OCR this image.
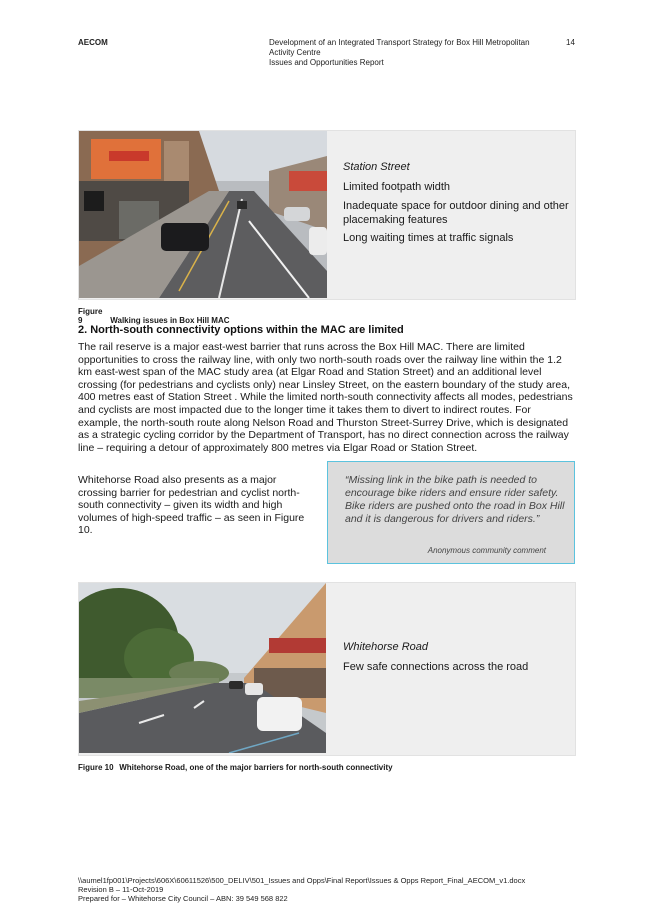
AECOM	Development of an Integrated Transport Strategy for Box Hill Metropolitan
Activity Centre
Issues and Opportunities Report
14
Station Street
Limited footpath width
Inadequate space for outdoor dining and other placemaking features
Long waiting times at traffic signals
Figure 9	Walking issues in Box Hill MAC
2. North-south connectivity options within the MAC are limited
The rail reserve is a major east-west barrier that runs across the Box Hill MAC. There are limited opportunities to cross the railway line, with only two north-south roads over the railway line within the 1.2 km east-west span of the MAC study area (at Elgar Road and Station Street) and an additional level crossing (for pedestrians and cyclists only) near Linsley Street, on the eastern boundary of the study area, 400 metres east of Station Street . While the limited north-south connectivity affects all modes, pedestrians and cyclists are most impacted due to the longer time it takes them to divert to indirect routes. For example, the north-south route along Nelson Road and Thurston Street-Surrey Drive, which is designated as a strategic cycling corridor by the Department of Transport, has no direct connection across the railway line – requiring a detour of approximately 800 metres via Elgar Road or Station Street.
Whitehorse Road also presents as a major crossing barrier for pedestrian and cyclist north-south connectivity – given its width and high volumes of high-speed traffic – as seen in Figure 10.
“Missing link in the bike path is needed to encourage bike riders and ensure rider safety. Bike riders are pushed onto the road in Box Hill and it is dangerous for drivers and riders.”
Anonymous community comment
Whitehorse Road
Few safe connections across the road
Figure 10 Whitehorse Road, one of the major barriers for north-south connectivity
\\aumel1fp001\Projects\606X\60611526\500_DELIV\501_Issues and Opps\Final Report\Issues & Opps Report_Final_AECOM_v1.docx
Revision B – 11-Oct-2019
Prepared for – Whitehorse City Council – ABN: 39 549 568 822
